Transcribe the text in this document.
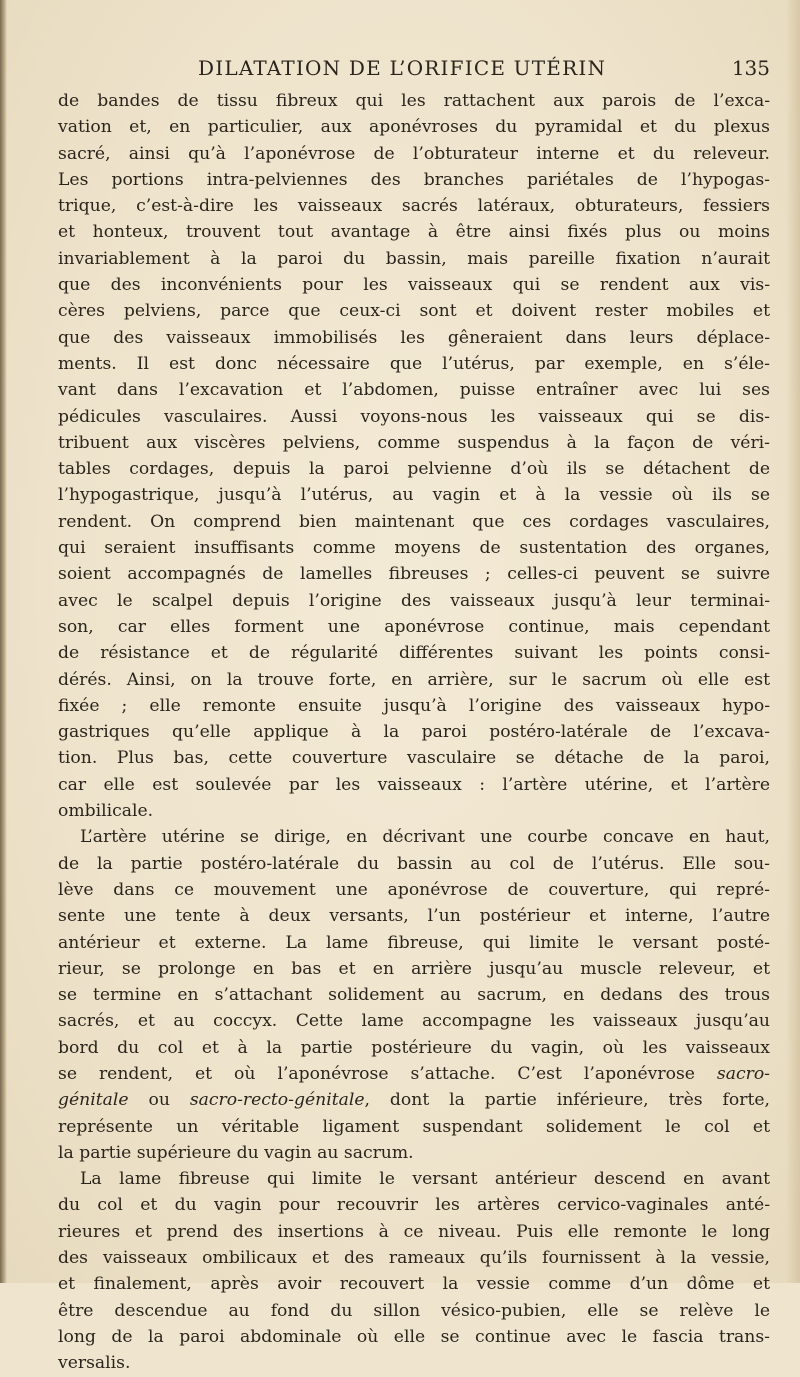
DILATATION DE L’ORIFICE UTÉRIN	135
de bandes de tissu fibreux qui les rattachent aux parois de l’exca-
vation et, en particulier, aux aponévroses du pyramidal et du plexus
sacré, ainsi qu’à l’aponévrose de l’obturateur interne et du releveur.
Les portions intra-pelviennes des branches pariétales de l’hypogas-
trique, c’est-à-dire les vaisseaux sacrés latéraux, obturateurs, fessiers
et honteux, trouvent tout avantage à être ainsi fixés plus ou moins
invariablement à la paroi du bassin, mais pareille fixation n’aurait
que des inconvénients pour les vaisseaux qui se rendent aux vis-
cères pelviens, parce que ceux-ci sont et doivent rester mobiles et
que des vaisseaux immobilisés les gêneraient dans leurs déplace-
ments. Il est donc nécessaire que l’utérus, par exemple, en s’éle-
vant dans l’excavation et l’abdomen, puisse entraîner avec lui ses
pédicules vasculaires. Aussi voyons-nous les vaisseaux qui se dis-
tribuent aux viscères pelviens, comme suspendus à la façon de véri-
tables cordages, depuis la paroi pelvienne d’où ils se détachent de
l’hypogastrique, jusqu’à l’utérus, au vagin et à la vessie où ils se
rendent. On comprend bien maintenant que ces cordages vasculaires,
qui seraient insuffisants comme moyens de sustentation des organes,
soient accompagnés de lamelles fibreuses ; celles-ci peuvent se suivre
avec le scalpel depuis l’origine des vaisseaux jusqu’à leur terminai-
son, car elles forment une aponévrose continue, mais cependant
de résistance et de régularité différentes suivant les points consi-
dérés. Ainsi, on la trouve forte, en arrière, sur le sacrum où elle est
fixée ; elle remonte ensuite jusqu’à l’origine des vaisseaux hypo-
gastriques qu’elle applique à la paroi postéro-latérale de l’excava-
tion. Plus bas, cette couverture vasculaire se détache de la paroi,
car elle est soulevée par les vaisseaux : l’artère utérine, et l’artère
ombilicale.
L’artère utérine se dirige, en décrivant une courbe concave en haut,
de la partie postéro-latérale du bassin au col de l’utérus. Elle sou-
lève dans ce mouvement une aponévrose de couverture, qui repré-
sente une tente à deux versants, l’un postérieur et interne, l’autre
antérieur et externe. La lame fibreuse, qui limite le versant posté-
rieur, se prolonge en bas et en arrière jusqu’au muscle releveur, et
se termine en s’attachant solidement au sacrum, en dedans des trous
sacrés, et au coccyx. Cette lame accompagne les vaisseaux jusqu’au
bord du col et à la partie postérieure du vagin, où les vaisseaux
se rendent, et où l’aponévrose s’attache. C’est l’aponévrose sacro-
génitale ou sacro-recto-génitale, dont la partie inférieure, très forte,
représente un véritable ligament suspendant solidement le col et
la partie supérieure du vagin au sacrum.
La lame fibreuse qui limite le versant antérieur descend en avant
du col et du vagin pour recouvrir les artères cervico-vaginales anté-
rieures et prend des insertions à ce niveau. Puis elle remonte le long
des vaisseaux ombilicaux et des rameaux qu’ils fournissent à la vessie,
et finalement, après avoir recouvert la vessie comme d’un dôme et
être descendue au fond du sillon vésico-pubien, elle se relève le
long de la paroi abdominale où elle se continue avec le fascia trans-
versalis.
